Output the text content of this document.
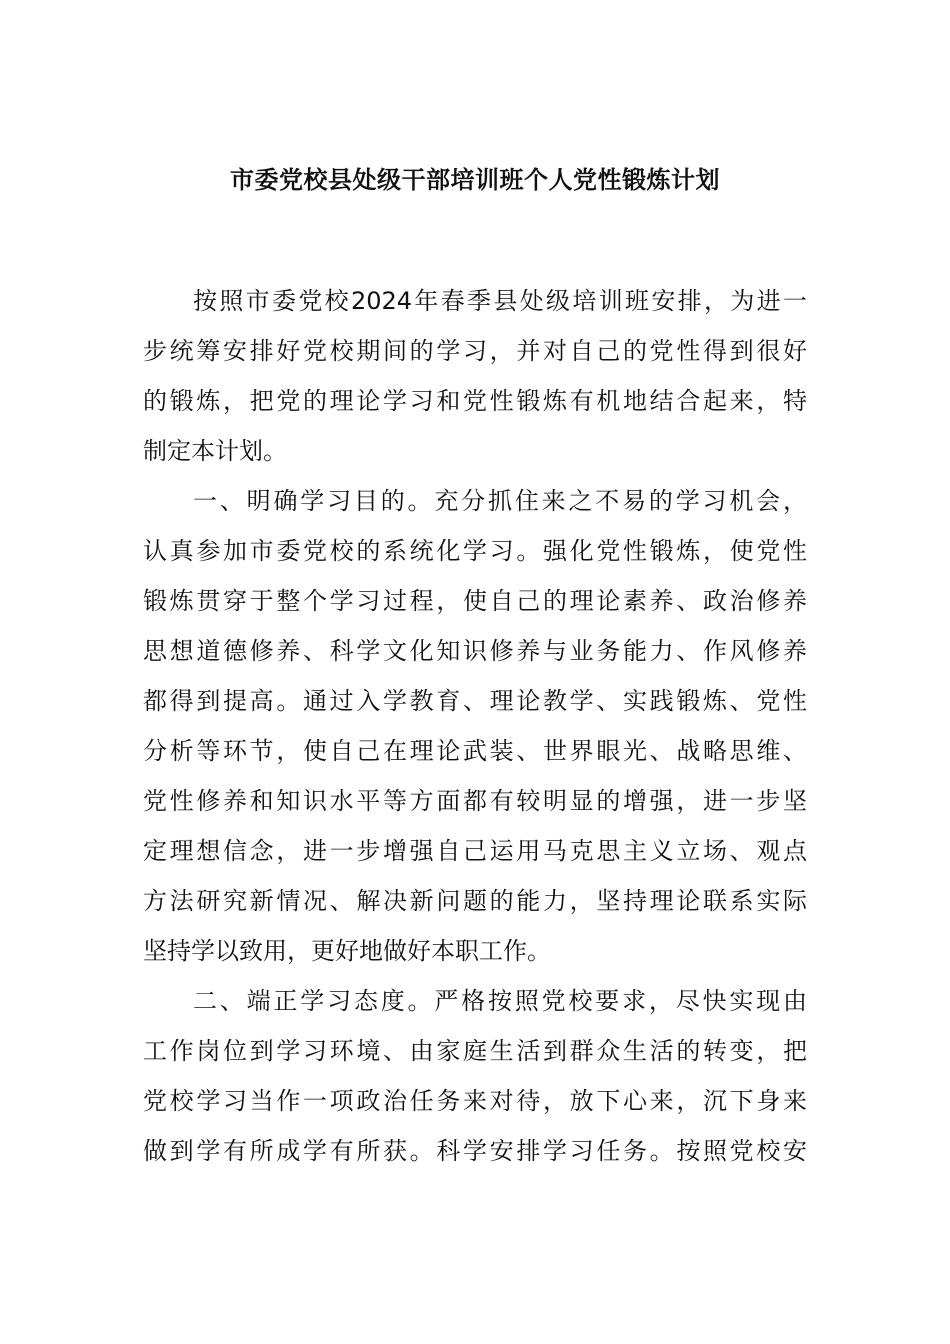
市委党校县处级干部培训班个人党性锻炼计划
按照市委党校2024年春季县处级培训班安排，为进一
步统筹安排好党校期间的学习，并对自己的党性得到很好
的锻炼，把党的理论学习和党性锻炼有机地结合起来，特
制定本计划。
一、明确学习目的。充分抓住来之不易的学习机会，
认真参加市委党校的系统化学习。强化党性锻炼，使党性
锻炼贯穿于整个学习过程，使自己的理论素养、政治修养
思想道德修养、科学文化知识修养与业务能力、作风修养
都得到提高。通过入学教育、理论教学、实践锻炼、党性
分析等环节，使自己在理论武装、世界眼光、战略思维、
党性修养和知识水平等方面都有较明显的增强，进一步坚
定理想信念，进一步增强自己运用马克思主义立场、观点
方法研究新情况、解决新问题的能力，坚持理论联系实际
坚持学以致用，更好地做好本职工作。
二、端正学习态度。严格按照党校要求，尽快实现由
工作岗位到学习环境、由家庭生活到群众生活的转变，把
党校学习当作一项政治任务来对待，放下心来，沉下身来
做到学有所成学有所获。科学安排学习任务。按照党校安
